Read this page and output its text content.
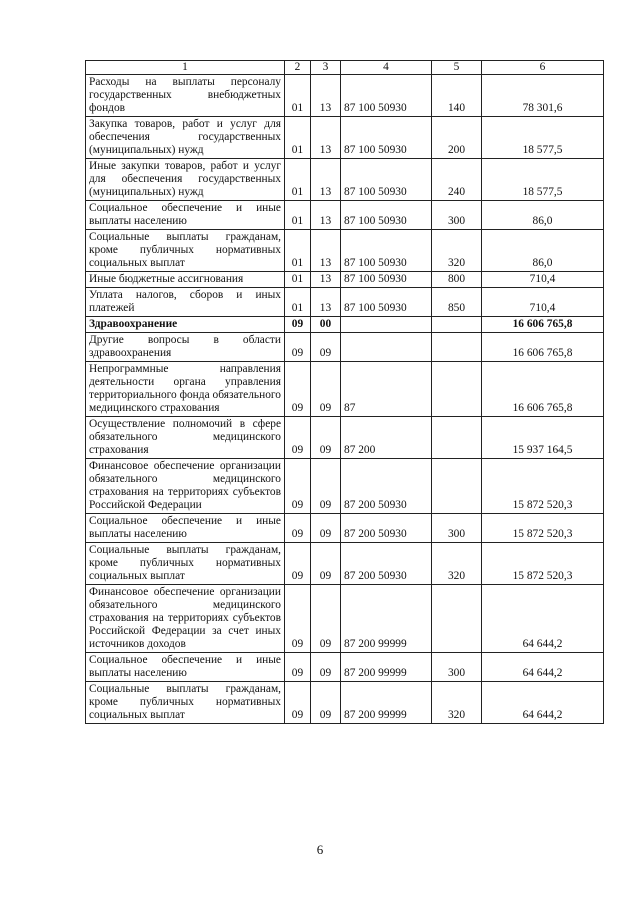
1	2	3	4	5	6
Расходы на выплаты персоналу государственных внебюджетных фондов	01	13	87 100 50930	140	78 301,6
Закупка товаров, работ и услуг для обеспечения государственных (муниципальных) нужд	01	13	87 100 50930	200	18 577,5
Иные закупки товаров, работ и услуг для обеспечения государственных (муниципальных) нужд	01	13	87 100 50930	240	18 577,5
Социальное обеспечение и иные выплаты населению	01	13	87 100 50930	300	86,0
Социальные выплаты гражданам, кроме публичных нормативных социальных выплат	01	13	87 100 50930	320	86,0
Иные бюджетные ассигнования	01	13	87 100 50930	800	710,4
Уплата налогов, сборов и иных платежей	01	13	87 100 50930	850	710,4
Здравоохранение	09	00			16 606 765,8
Другие вопросы в области здравоохранения	09	09			16 606 765,8
Непрограммные направления деятельности органа управления территориального фонда обязательного медицинского страхования	09	09	87		16 606 765,8
Осуществление полномочий в сфере обязательного медицинского страхования	09	09	87 200		15 937 164,5
Финансовое обеспечение организации обязательного медицинского страхования на территориях субъектов Российской Федерации	09	09	87 200 50930		15 872 520,3
Социальное обеспечение и иные выплаты населению	09	09	87 200 50930	300	15 872 520,3
Социальные выплаты гражданам, кроме публичных нормативных социальных выплат	09	09	87 200 50930	320	15 872 520,3
Финансовое обеспечение организации обязательного медицинского страхования на территориях субъектов Российской Федерации за счет иных источников доходов	09	09	87 200 99999		64 644,2
Социальное обеспечение и иные выплаты населению	09	09	87 200 99999	300	64 644,2
Социальные выплаты гражданам, кроме публичных нормативных социальных выплат	09	09	87 200 99999	320	64 644,2
6
